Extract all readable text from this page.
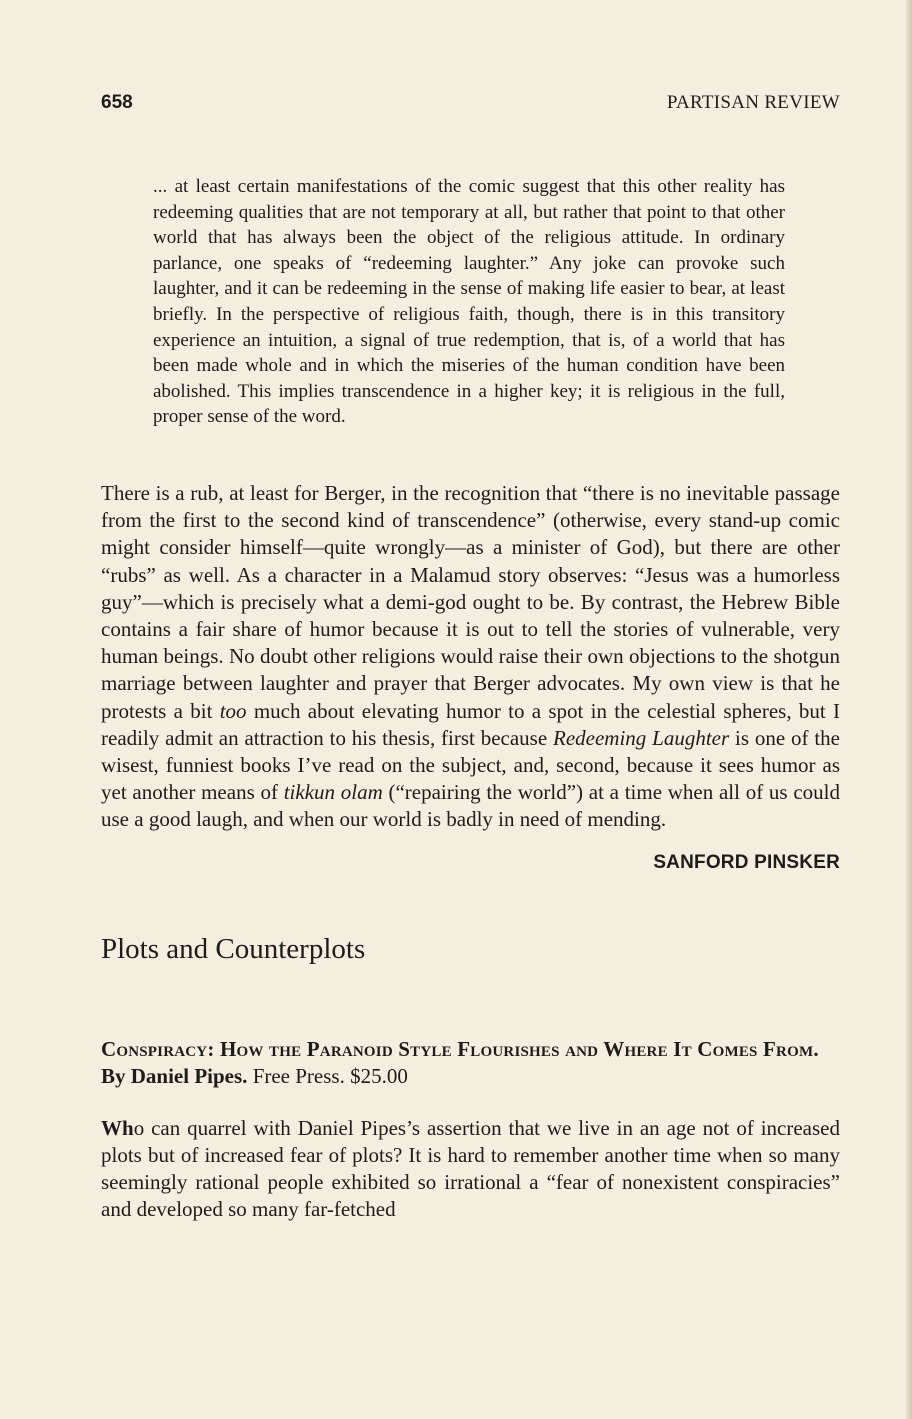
658	PARTISAN REVIEW

... at least certain manifestations of the comic suggest that this other reality has redeeming qualities that are not temporary at all, but rather that point to that other world that has always been the object of the religious attitude. In ordinary parlance, one speaks of “redeeming laughter.” Any joke can provoke such laughter, and it can be redeeming in the sense of making life easier to bear, at least briefly. In the perspective of religious faith, though, there is in this transitory experience an intuition, a signal of true redemption, that is, of a world that has been made whole and in which the miseries of the human condition have been abolished. This implies transcendence in a higher key; it is religious in the full, proper sense of the word.

There is a rub, at least for Berger, in the recognition that “there is no inevitable passage from the first to the second kind of transcendence” (otherwise, every stand-up comic might consider himself—quite wrongly—as a minister of God), but there are other “rubs” as well. As a character in a Malamud story observes: “Jesus was a humorless guy”—which is precisely what a demi-god ought to be. By contrast, the Hebrew Bible contains a fair share of humor because it is out to tell the stories of vulnerable, very human beings. No doubt other religions would raise their own objections to the shotgun marriage between laughter and prayer that Berger advocates. My own view is that he protests a bit too much about elevating humor to a spot in the celestial spheres, but I readily admit an attraction to his thesis, first because Redeeming Laughter is one of the wisest, funniest books I’ve read on the subject, and, second, because it sees humor as yet another means of tikkun olam (“repairing the world”) at a time when all of us could use a good laugh, and when our world is badly in need of mending.

SANFORD PINSKER
Plots and Counterplots
Conspiracy: How the Paranoid Style Flourishes and Where It Comes From. By Daniel Pipes. Free Press. $25.00

Who can quarrel with Daniel Pipes’s assertion that we live in an age not of increased plots but of increased fear of plots? It is hard to remember another time when so many seemingly rational people exhibited so irrational a “fear of nonexistent conspiracies” and developed so many far-fetched
